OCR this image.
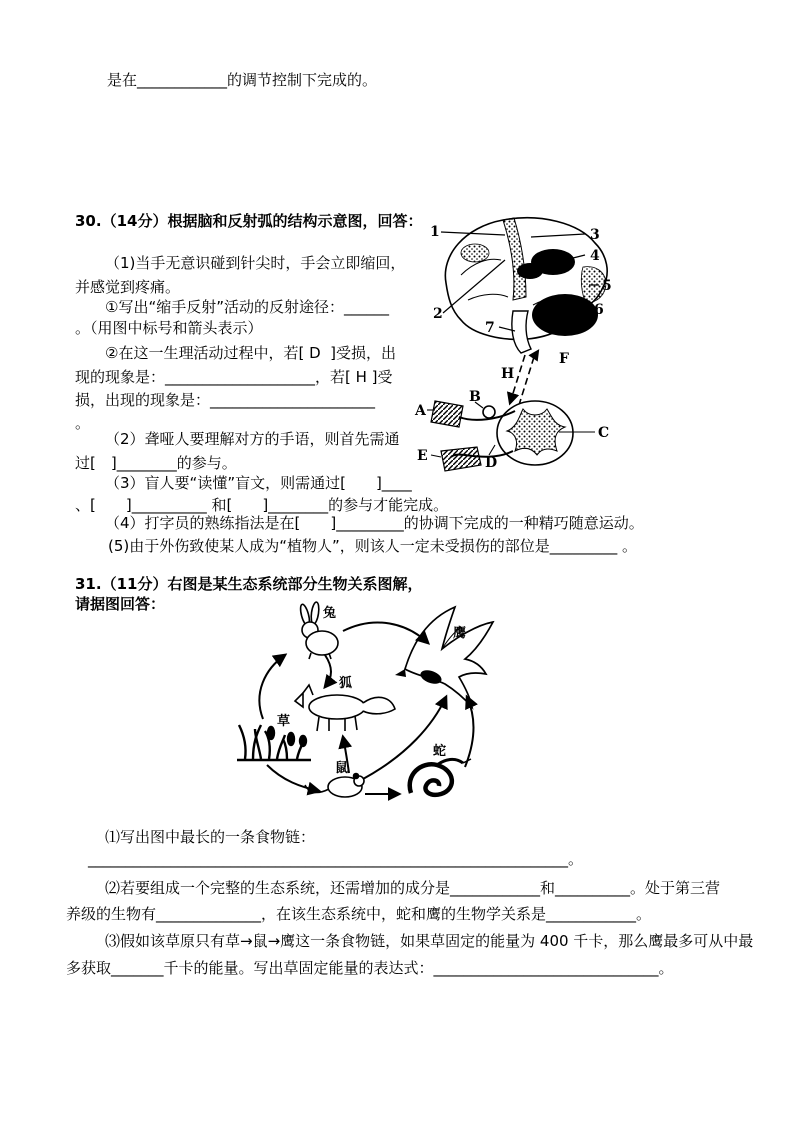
是在____________的调节控制下完成的。
30.（14分）根据脑和反射弧的结构示意图，回答：
（1)当手无意识碰到针尖时，手会立即缩回，
并感觉到疼痛。
①写出“缩手反射”活动的反射途径：______
。（用图中标号和箭头表示）
②在这一生理活动过程中，若[ D  ]受损，出
现的现象是：____________________，若[ H ]受
损，出现的现象是：______________________
。
（2）聋哑人要理解对方的手语，则首先需通
过[　]________的参与。
（3）盲人要“读懂”盲文，则需通过[　　]____
、[　　]__________ 和[　　]________的参与才能完成。
（4）打字员的熟练指法是在[　　]_________的协调下完成的一种精巧随意运动。
(5)由于外伤致使某人成为“植物人”，则该人一定未受损伤的部位是_________ 。
1
2
3
4
5
6
7
H
F
C
A
B
D
E
31.（11分）右图是某生态系统部分生物关系图解，
请据图回答：
兔
鹰
狐
草
鼠
蛇
⑴写出图中最长的一条食物链：
________________________________________________________________。
⑵若要组成一个完整的生态系统，还需增加的成分是____________和__________。处于第三营
养级的生物有______________，在该生态系统中，蛇和鹰的生物学关系是____________。
⑶假如该草原只有草→鼠→鹰这一条食物链，如果草固定的能量为 400 千卡，那么鹰最多可从中最
多获取_______千卡的能量。写出草固定能量的表达式：______________________________。
